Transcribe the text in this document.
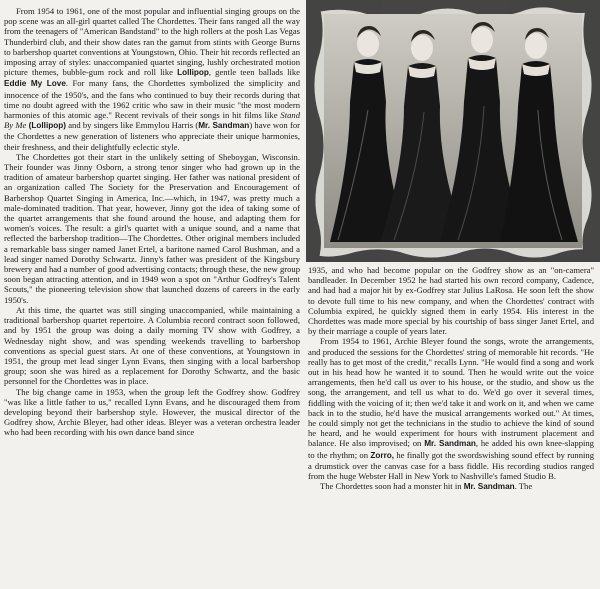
From 1954 to 1961, one of the most popular and influential singing groups on the pop scene was an all-girl quartet called The Chordettes. Their fans ranged all the way from the teenagers of "American Bandstand" to the high rollers at the posh Las Vegas Thunderbird club, and their show dates ran the gamut from stints with George Burns to barbershop quartet conventions at Youngstown, Ohio. Their hit records reflected an imposing array of styles: unaccompanied quartet singing, lushly orchestrated motion picture themes, bubble-gum rock and roll like Lollipop, gentle teen ballads like Eddie My Love. For many fans, the Chordettes symbolized the simplicity and innocence of the 1950's, and the fans who continued to buy their records during that time no doubt agreed with the 1962 critic who saw in their music "the most modern harmonies of this atomic age." Recent revivals of their songs in hit films like Stand By Me (Lollipop) and by singers like Emmylou Harris (Mr. Sandman) have won for the Chordettes a new generation of listeners who appreciate their unique harmonies, their freshness, and their delightfully eclectic style.

The Chordettes got their start in the unlikely setting of Sheboygan, Wisconsin. Their founder was Jinny Osborn, a strong tenor singer who had grown up in the tradition of amateur barbershop quartet singing. Her father was national president of an organization called The Society for the Preservation and Encouragement of Barbershop Quartet Singing in America, Inc.—which, in 1947, was pretty much a male-dominated tradition. That year, however, Jinny got the idea of taking some of the quartet arrangements that she found around the house, and adapting them for women's voices. The result: a girl's quartet with a unique sound, and a name that reflected the barbershop tradition—The Chordettes. Other original members included a remarkable bass singer named Janet Ertel, a baritone named Carol Bushman, and a lead singer named Dorothy Schwartz. Jinny's father was president of the Kingsbury brewery and had a number of good advertising contacts; through these, the new group soon began attracting attention, and in 1949 won a spot on "Arthur Godfrey's Talent Scouts," the pioneering television show that launched dozens of careers in the early 1950's.

At this time, the quartet was still singing unaccompanied, while maintaining a traditional barbershop quartet repertoire. A Columbia record contract soon followed, and by 1951 the group was doing a daily morning TV show with Godfrey, a Wednesday night show, and was spending weekends travelling to barbershop conventions as special guest stars. At one of these conventions, at Youngstown in 1951, the group met lead singer Lynn Evans, then singing with a local barbershop group; soon she was hired as a replacement for Dorothy Schwartz, and the basic personnel for the Chordettes was in place.

The big change came in 1953, when the group left the Godfrey show. Godfrey "was like a little father to us," recalled Lynn Evans, and he discouraged them from developing beyond their barbershop style. However, the musical director of the Godfrey show, Archie Bleyer, had other ideas. Bleyer was a veteran orchestra leader who had been recording with his own dance band since

1935, and who had become popular on the Godfrey show as an "on-camera" bandleader. In December 1952 he had started his own record company, Cadence, and had had a major hit by ex-Godfrey star Julius LaRosa. He soon left the show to devote full time to his new company, and when the Chordettes' contract with Columbia expired, he quickly signed them in early 1954. His interest in the Chordettes was made more special by his courtship of bass singer Janet Ertel, and by their marriage a couple of years later.

From 1954 to 1961, Archie Bleyer found the songs, wrote the arrangements, and produced the sessions for the Chordettes' string of memorable hit records. "He really has to get most of the credit," recalls Lynn. "He would find a song and work out in his head how he wanted it to sound. Then he would write out the voice arrangements, then he'd call us over to his house, or the studio, and show us the song, the arrangement, and tell us what to do. We'd go over it several times, fiddling with the voicing of it; then we'd take it and work on it, and when we came back in to the studio, he'd have the musical arrangements worked out." At times, he could simply not get the technicians in the studio to achieve the kind of sound he heard, and he would experiment for hours with instrument placement and balance. He also improvised; on Mr. Sandman, he added his own knee-slapping to the rhythm; on Zorro, he finally got the swordswishing sound effect by running a drumstick over the canvas case for a bass fiddle. His recording studios ranged from the huge Webster Hall in New York to Nashville's famed Studio B.

The Chordettes soon had a monster hit in Mr. Sandman. The
